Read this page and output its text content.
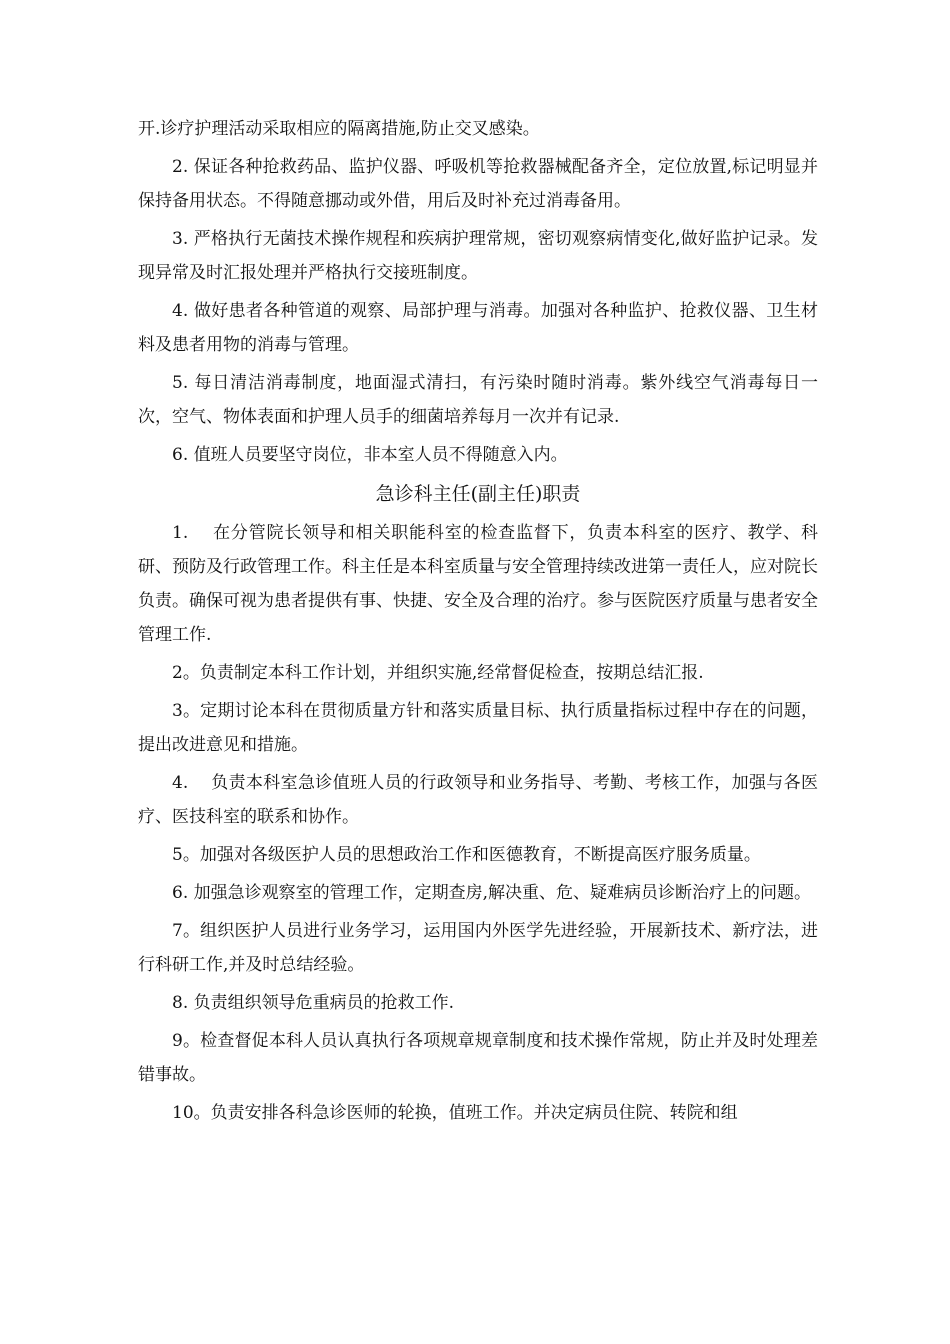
开.诊疗护理活动采取相应的隔离措施,防止交叉感染。

2. 保证各种抢救药品、监护仪器、呼吸机等抢救器械配备齐全，定位放置,标记明显并保持备用状态。不得随意挪动或外借，用后及时补充过消毒备用。

3. 严格执行无菌技术操作规程和疾病护理常规，密切观察病情变化,做好监护记录。发现异常及时汇报处理并严格执行交接班制度。

4. 做好患者各种管道的观察、局部护理与消毒。加强对各种监护、抢救仪器、卫生材料及患者用物的消毒与管理。

5. 每日清洁消毒制度，地面湿式清扫，有污染时随时消毒。紫外线空气消毒每日一次，空气、物体表面和护理人员手的细菌培养每月一次并有记录.

6. 值班人员要坚守岗位，非本室人员不得随意入内。

急诊科主任(副主任)职责

1.    在分管院长领导和相关职能科室的检查监督下，负责本科室的医疗、教学、科研、预防及行政管理工作。科主任是本科室质量与安全管理持续改进第一责任人，应对院长负责。确保可视为患者提供有事、快捷、安全及合理的治疗。参与医院医疗质量与患者安全管理工作.

2。负责制定本科工作计划，并组织实施,经常督促检查，按期总结汇报.

3。定期讨论本科在贯彻质量方针和落实质量目标、执行质量指标过程中存在的问题，提出改进意见和措施。

4.    负责本科室急诊值班人员的行政领导和业务指导、考勤、考核工作，加强与各医疗、医技科室的联系和协作。

5。加强对各级医护人员的思想政治工作和医德教育，不断提高医疗服务质量。

6. 加强急诊观察室的管理工作，定期查房,解决重、危、疑难病员诊断治疗上的问题。

7。组织医护人员进行业务学习，运用国内外医学先进经验，开展新技术、新疗法，进行科研工作,并及时总结经验。

8. 负责组织领导危重病员的抢救工作.

9。检查督促本科人员认真执行各项规章规章制度和技术操作常规，防止并及时处理差错事故。

10。负责安排各科急诊医师的轮换，值班工作。并决定病员住院、转院和组
